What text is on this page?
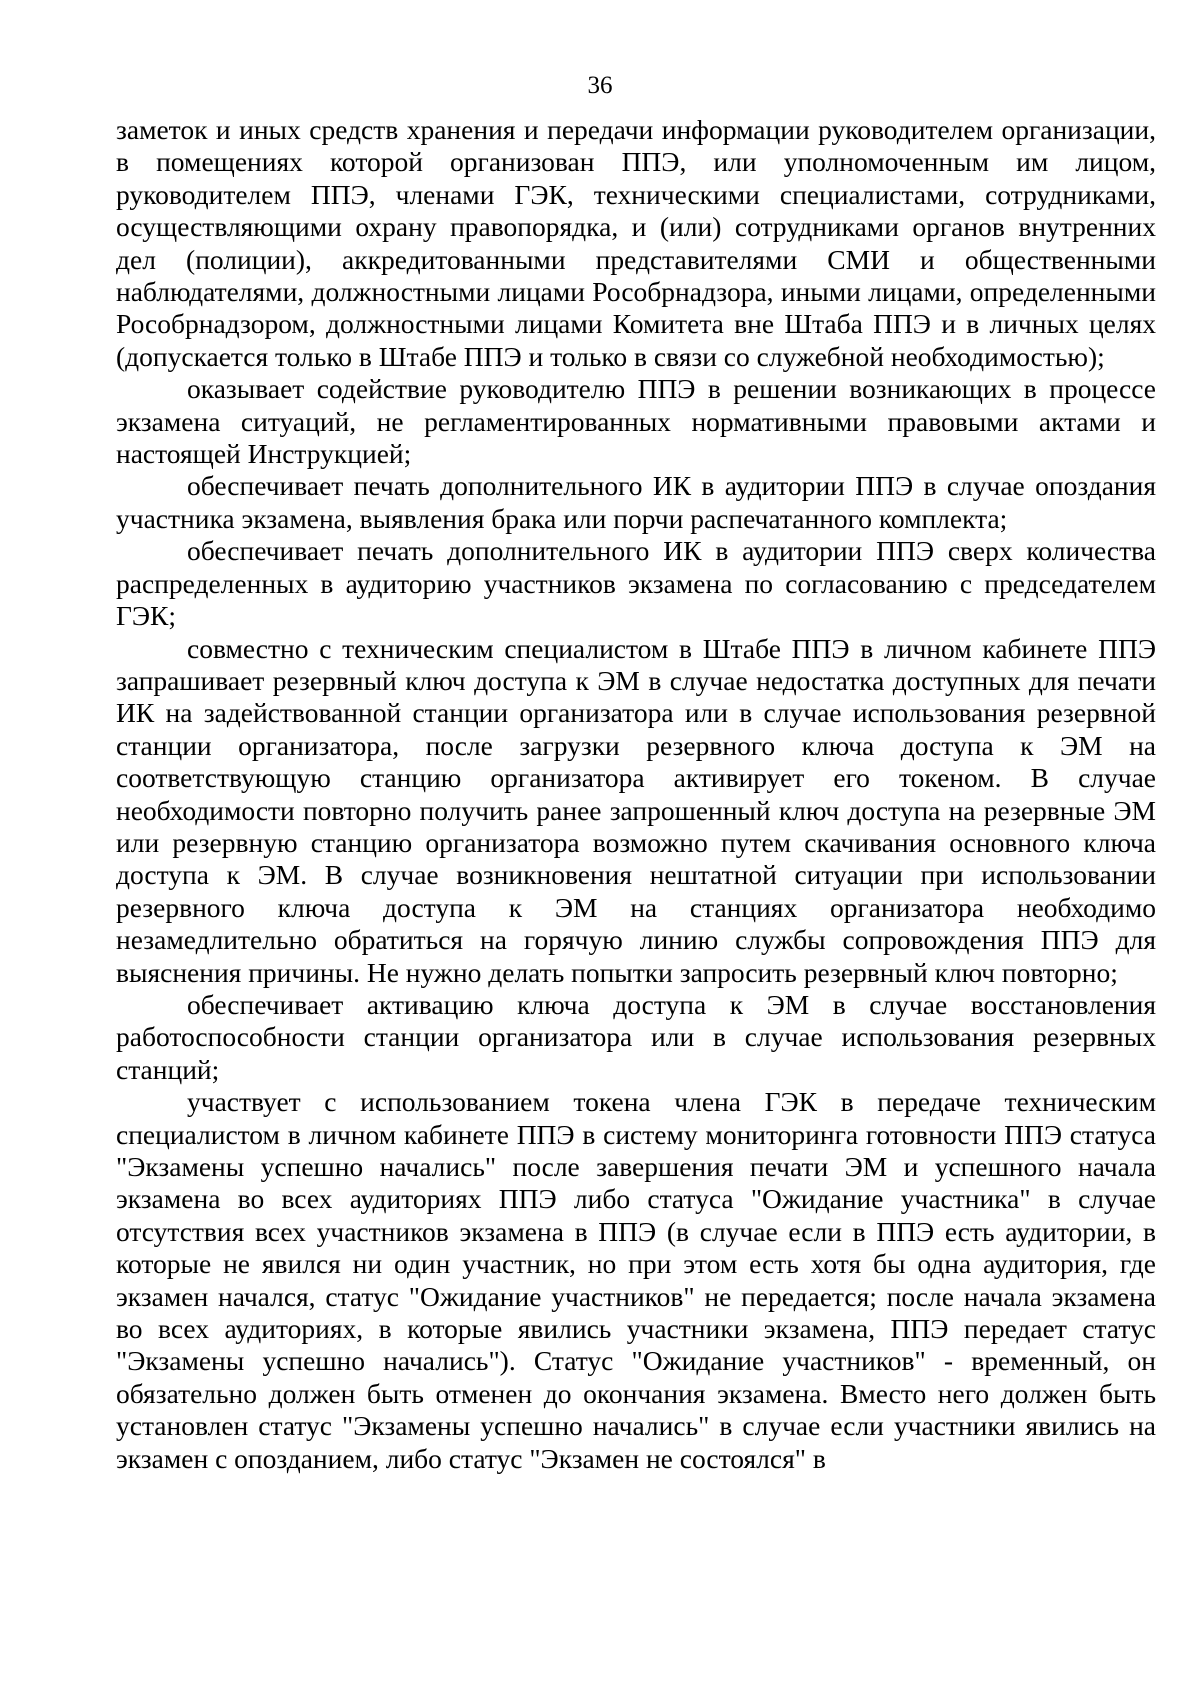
36

заметок и иных средств хранения и передачи информации руководителем организации, в помещениях которой организован ППЭ, или уполномоченным им лицом, руководителем ППЭ, членами ГЭК, техническими специалистами, сотрудниками, осуществляющими охрану правопорядка, и (или) сотрудниками органов внутренних дел (полиции), аккредитованными представителями СМИ и общественными наблюдателями, должностными лицами Рособрнадзора, иными лицами, определенными Рособрнадзором, должностными лицами Комитета вне Штаба ППЭ и в личных целях (допускается только в Штабе ППЭ и только в связи со служебной необходимостью);

оказывает содействие руководителю ППЭ в решении возникающих в процессе экзамена ситуаций, не регламентированных нормативными правовыми актами и настоящей Инструкцией;

обеспечивает печать дополнительного ИК в аудитории ППЭ в случае опоздания участника экзамена, выявления брака или порчи распечатанного комплекта;

обеспечивает печать дополнительного ИК в аудитории ППЭ сверх количества распределенных в аудиторию участников экзамена по согласованию с председателем ГЭК;

совместно с техническим специалистом в Штабе ППЭ в личном кабинете ППЭ запрашивает резервный ключ доступа к ЭМ в случае недостатка доступных для печати ИК на задействованной станции организатора или в случае использования резервной станции организатора, после загрузки резервного ключа доступа к ЭМ на соответствующую станцию организатора активирует его токеном. В случае необходимости повторно получить ранее запрошенный ключ доступа на резервные ЭМ или резервную станцию организатора возможно путем скачивания основного ключа доступа к ЭМ. В случае возникновения нештатной ситуации при использовании резервного ключа доступа к ЭМ на станциях организатора необходимо незамедлительно обратиться на горячую линию службы сопровождения ППЭ для выяснения причины. Не нужно делать попытки запросить резервный ключ повторно;

обеспечивает активацию ключа доступа к ЭМ в случае восстановления работоспособности станции организатора или в случае использования резервных станций;

участвует с использованием токена члена ГЭК в передаче техническим специалистом в личном кабинете ППЭ в систему мониторинга готовности ППЭ статуса "Экзамены успешно начались" после завершения печати ЭМ и успешного начала экзамена во всех аудиториях ППЭ либо статуса "Ожидание участника" в случае отсутствия всех участников экзамена в ППЭ (в случае если в ППЭ есть аудитории, в которые не явился ни один участник, но при этом есть хотя бы одна аудитория, где экзамен начался, статус "Ожидание участников" не передается; после начала экзамена во всех аудиториях, в которые явились участники экзамена, ППЭ передает статус "Экзамены успешно начались"). Статус "Ожидание участников" - временный, он обязательно должен быть отменен до окончания экзамена. Вместо него должен быть установлен статус "Экзамены успешно начались" в случае если участники явились на экзамен с опозданием, либо статус "Экзамен не состоялся" в
